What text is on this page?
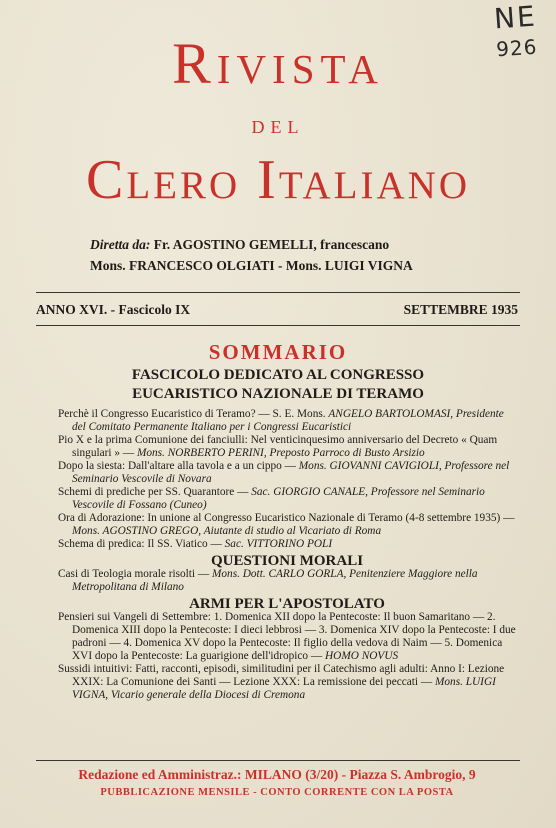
NE
926
Rivista
del
Clero Italiano
Diretta da: Fr. AGOSTINO GEMELLI, francescano
Mons. FRANCESCO OLGIATI - Mons. LUIGI VIGNA
ANNO XVI. - Fascicolo IX	SETTEMBRE 1935
SOMMARIO
FASCICOLO DEDICATO AL CONGRESSO
EUCARISTICO NAZIONALE DI TERAMO

Perchè il Congresso Eucaristico di Teramo? — S. E. Mons. ANGELO BARTOLOMASI, Presidente del Comitato Permanente Italiano per i Congressi Eucaristici

Pio X e la prima Comunione dei fanciulli: Nel venticinquesimo anniversario del Decreto « Quam singulari » — Mons. NORBERTO PERINI, Preposto Parroco di Busto Arsizio

Dopo la siesta: Dall'altare alla tavola e a un cippo — Mons. GIOVANNI CAVIGIOLI, Professore nel Seminario Vescovile di Novara

Schemi di prediche per SS. Quarantore — Sac. GIORGIO CANALE, Professore nel Seminario Vescovile di Fossano (Cuneo)

Ora di Adorazione: In unione al Congresso Eucaristico Nazionale di Teramo (4-8 settembre 1935) — Mons. AGOSTINO GREGO, Aiutante di studio al Vicariato di Roma

Schema di predica: Il SS. Viatico — Sac. VITTORINO POLI

QUESTIONI MORALI

Casi di Teologia morale risolti — Mons. Dott. CARLO GORLA, Penitenziere Maggiore nella Metropolitana di Milano

ARMI PER L'APOSTOLATO

Pensieri sui Vangeli di Settembre: 1. Domenica XII dopo la Pentecoste: Il buon Samaritano — 2. Domenica XIII dopo la Pentecoste: I dieci lebbrosi — 3. Domenica XIV dopo la Pentecoste: I due padroni — 4. Domenica XV dopo la Pentecoste: Il figlio della vedova di Naim — 5. Domenica XVI dopo la Pentecoste: La guarigione dell'idropico — HOMO NOVUS

Sussidi intuitivi: Fatti, racconti, episodi, similitudini per il Catechismo agli adulti: Anno I: Lezione XXIX: La Comunione dei Santi — Lezione XXX: La remissione dei peccati — Mons. LUIGI VIGNA, Vicario generale della Diocesi di Cremona

Redazione ed Amministraz.: MILANO (3/20) - Piazza S. Ambrogio, 9
PUBBLICAZIONE MENSILE - CONTO CORRENTE CON LA POSTA
